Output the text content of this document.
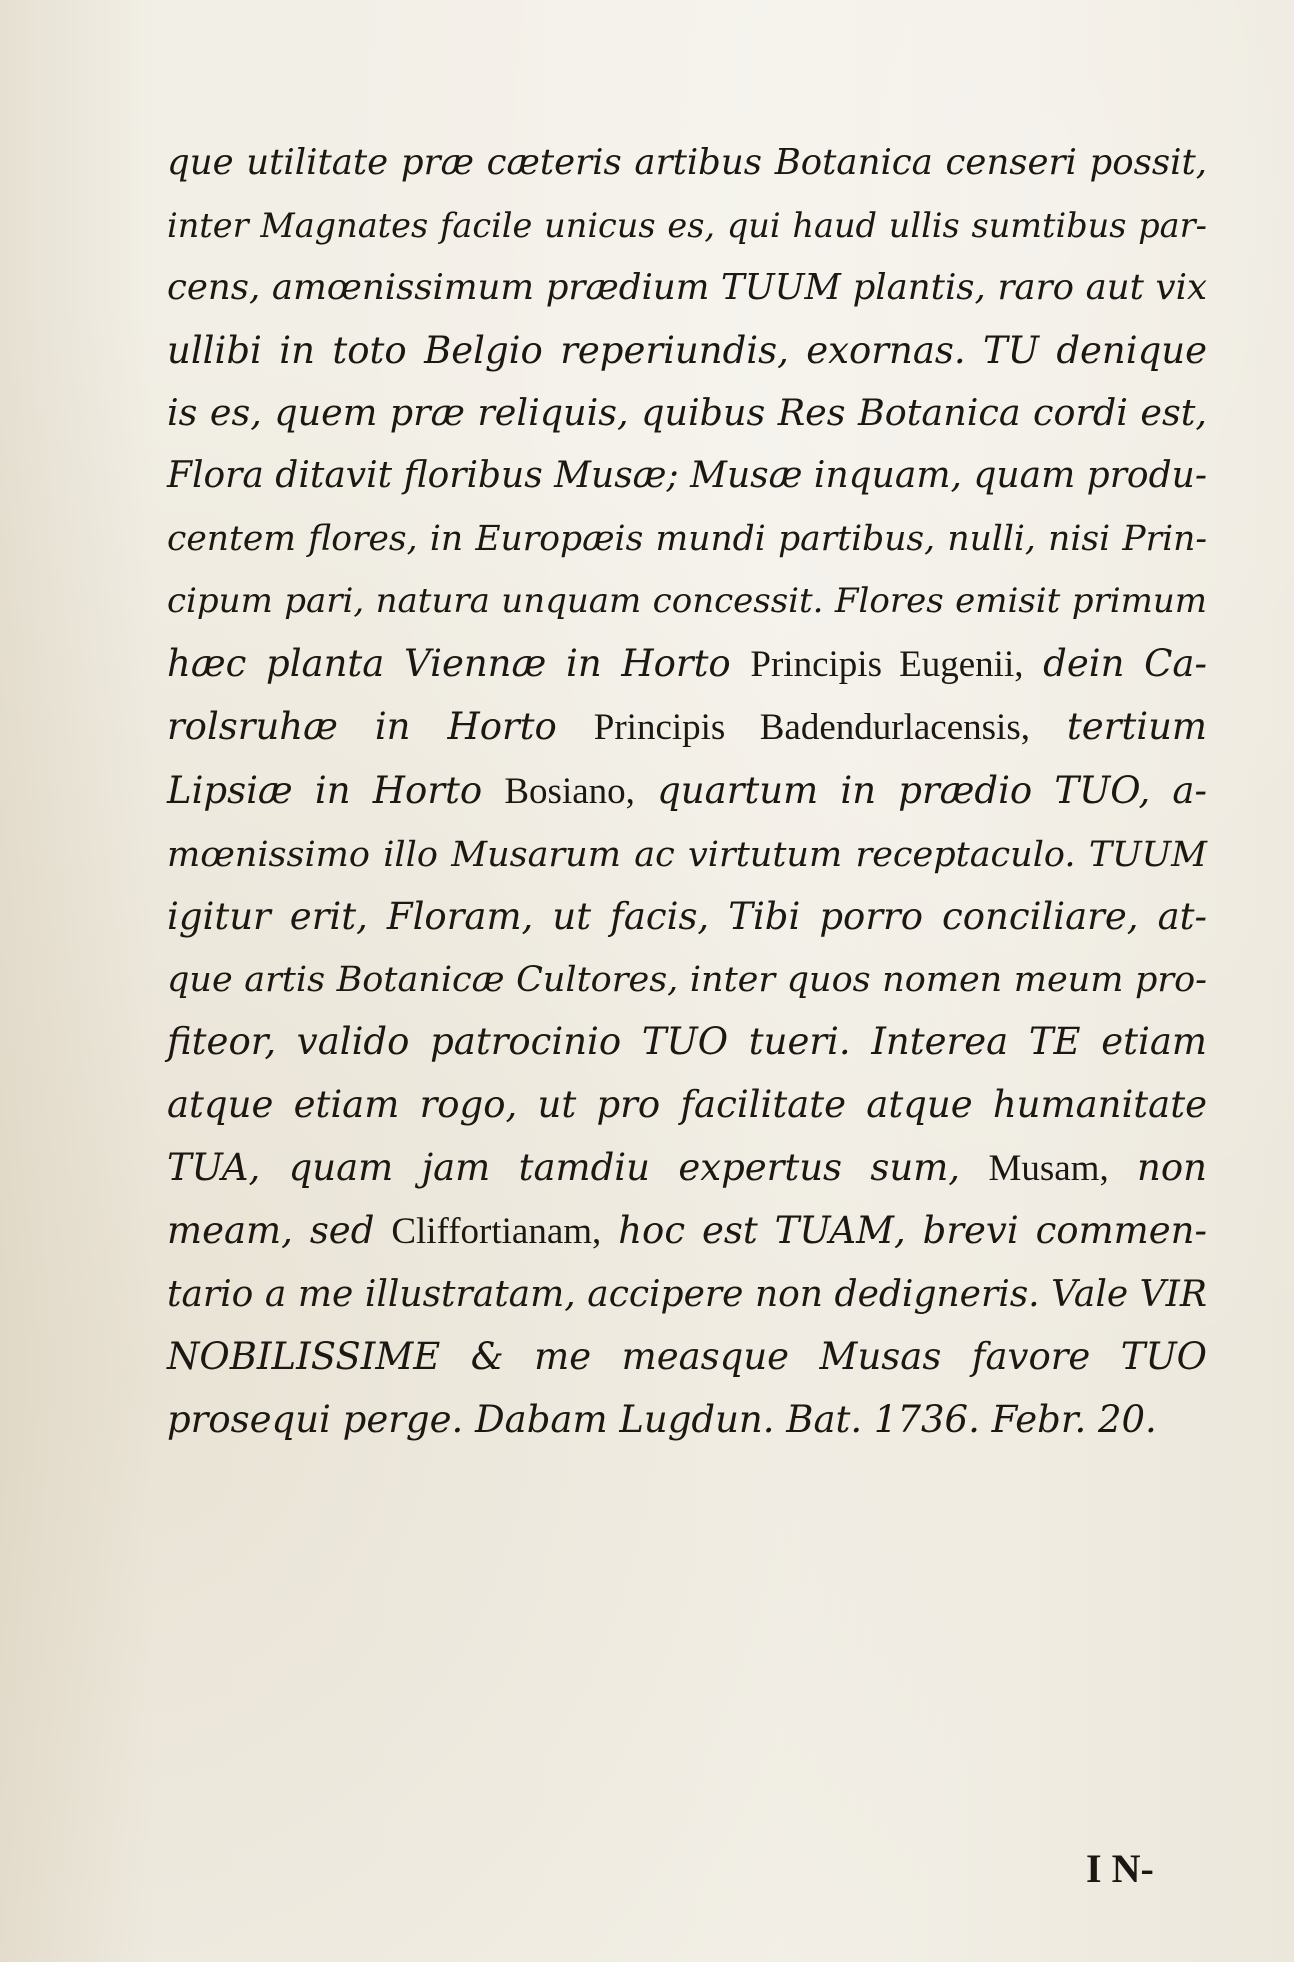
que utilitate præ cæteris artibus Botanica censeri possit,
inter Magnates facile unicus es, qui haud ullis sumtibus par-
cens, amœnissimum prædium TUUM plantis, raro aut vix
ullibi in toto Belgio reperiundis, exornas. TU denique
is es, quem præ reliquis, quibus Res Botanica cordi est,
Flora ditavit floribus Musæ; Musæ inquam, quam produ-
centem flores, in Europæis mundi partibus, nulli, nisi Prin-
cipum pari, natura unquam concessit. Flores emisit primum
hæc planta Viennæ in Horto Principis Eugenii, dein Ca-
rolsruhæ in Horto Principis Badendurlacensis, tertium
Lipsiæ in Horto Bosiano, quartum in prædio TUO, a-
mœnissimo illo Musarum ac virtutum receptaculo. TUUM
igitur erit, Floram, ut facis, Tibi porro conciliare, at-
que artis Botanicæ Cultores, inter quos nomen meum pro-
fiteor, valido patrocinio TUO tueri. Interea TE etiam
atque etiam rogo, ut pro facilitate atque humanitate
TUA, quam jam tamdiu expertus sum, Musam, non
meam, sed Cliffortianam, hoc est TUAM, brevi commen-
tario a me illustratam, accipere non dedigneris. Vale VIR
NOBILISSIME & me measque Musas favore TUO
prosequi perge. Dabam Lugdun. Bat. 1736. Febr. 20.
I N-
